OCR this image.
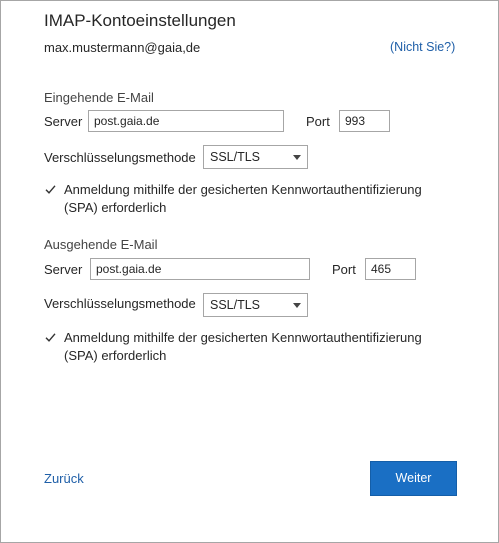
IMAP-Kontoeinstellungen
max.mustermann@gaia,de	(Nicht Sie?)
Eingehende E-Mail
Server
post.gaia.de	Port
993
Verschlüsselungsmethode	SSL/TLS
Anmeldung mithilfe der gesicherten Kennwortauthentifizierung
(SPA) erforderlich
Ausgehende E-Mail
Server
post.gaia.de	Port
465
Verschlüsselungsmethode	SSL/TLS
Anmeldung mithilfe der gesicherten Kennwortauthentifizierung
(SPA) erforderlich
Zurück	Weiter
